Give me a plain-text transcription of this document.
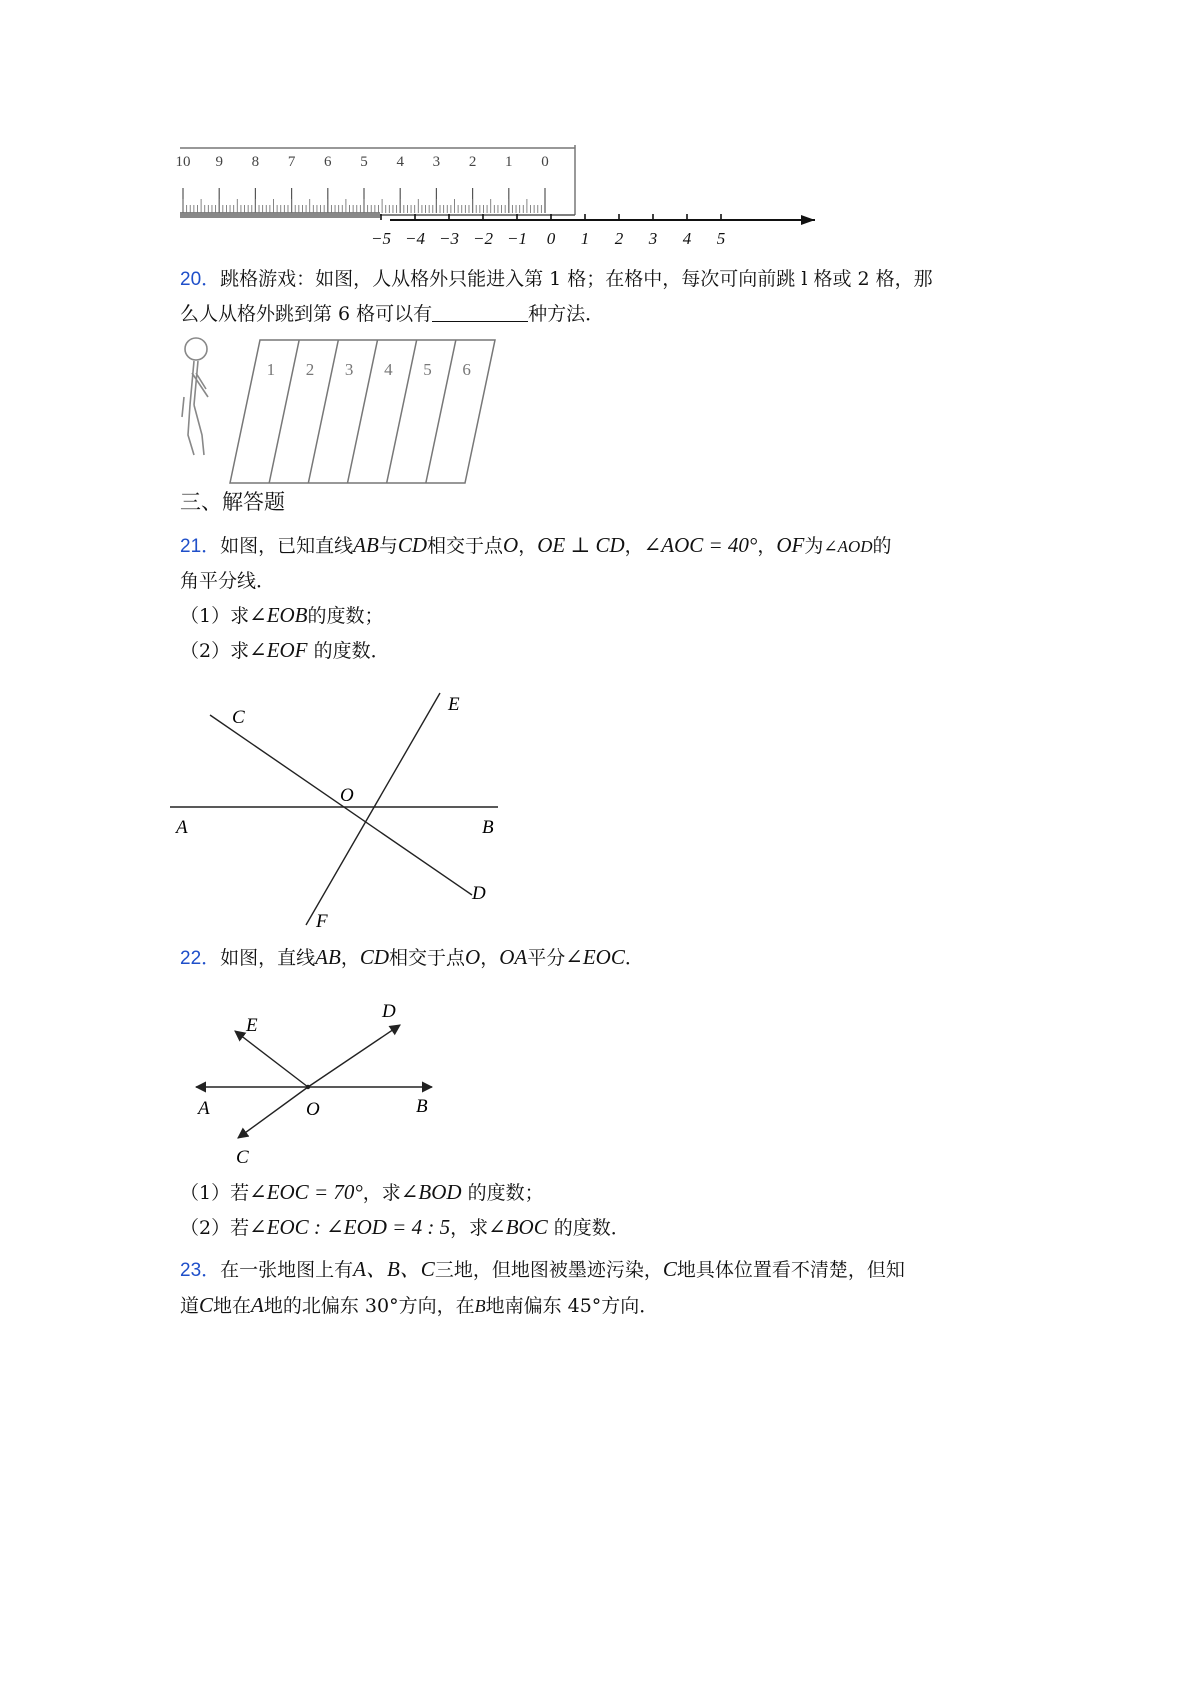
10 9 8 7 6 5 4 3 2 1 0
−5 −4 −3 −2 −1 0 1 2 3 4 5
20．跳格游戏：如图，人从格外只能进入第 1 格；在格中，每次可向前跳 l 格或 2 格，那
么人从格外跳到第 6 格可以有	种方法．
1 2 3 4 5 6
三、解答题
21．如图，已知直线AB与CD相交于点O，OE ⊥ CD，∠AOC = 40°，OF为∠AOD的
角平分线．
（1）求∠EOB的度数；
（2）求∠EOF 的度数．
C
E
O
A	B
D
F
22．如图，直线AB，CD相交于点O，OA平分∠EOC．
E
D
A	O	B
C
（1）若∠EOC = 70°，求∠BOD 的度数；
（2）若∠EOC : ∠EOD = 4 : 5，求∠BOC 的度数．
23．在一张地图上有A、B、C三地，但地图被墨迹污染，C地具体位置看不清楚，但知
道C地在A地的北偏东 30°方向，在B地南偏东 45°方向．
